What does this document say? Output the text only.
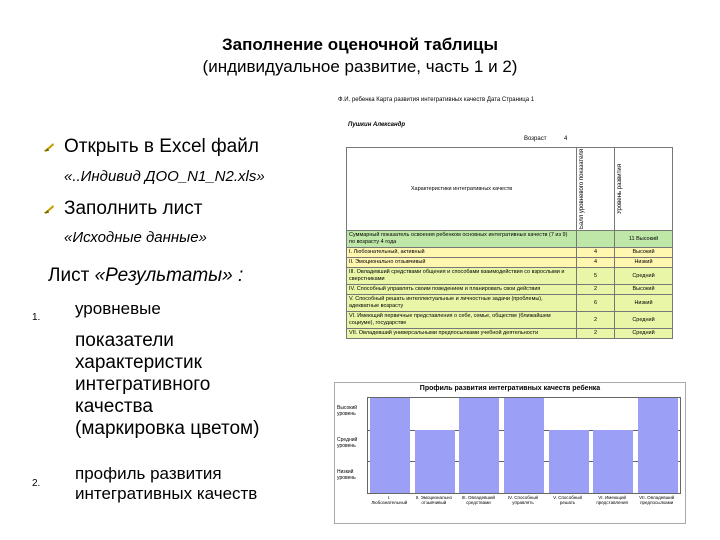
Заполнение оценочной таблицы
(индивидуальное развитие, часть 1 и 2)
Открыть в Excel файл
«..Индивид ДОО_N1_N2.xls»
Заполнить лист
«Исходные данные»
Лист «Результаты» :
1. уровневые
показатели
характеристик
интегративного
качества
(маркировка цветом)
2.
профиль развития
интегративных качеств
Ф.И. ребенка Карта развития интегративных качеств Дата Страница 1
Пушкин Александр
Возраст	4
Характеристики интегративных качеств	Балл уровневого показателя	Уровень развития

Суммарный показатель освоения ребенком основных интегративных качеств (7 из 9) по возрасту 4 года		11 Высокий
I. Любознательный, активный	4	Высокий
II. Эмоционально отзывчивый	4	Низкий
III. Овладевший средствами общения и способами взаимодействия со взрослыми и сверстниками	5	Средний
IV. Способный управлять своим поведением и планировать свои действия	2	Высокий
V. Способный решать интеллектуальные и личностные задачи (проблемы), адекватные возрасту	6	Низкий
VI. Имеющий первичные представления о себе, семье, обществе (ближайшем социуме), государстве	2	Средний
VII. Овладевший универсальными предпосылками учебной деятельности	2	Средний
Профиль развития интегративных качеств ребенка
Высокий уровень
Средний уровень
Низкий уровень
I. Любознательный
II. Эмоционально отзывчивый
III. Овладевший средствами
IV. Способный управлять
V. Способный решать
VI. Имеющий представления
VII. Овладевший предпосылками
